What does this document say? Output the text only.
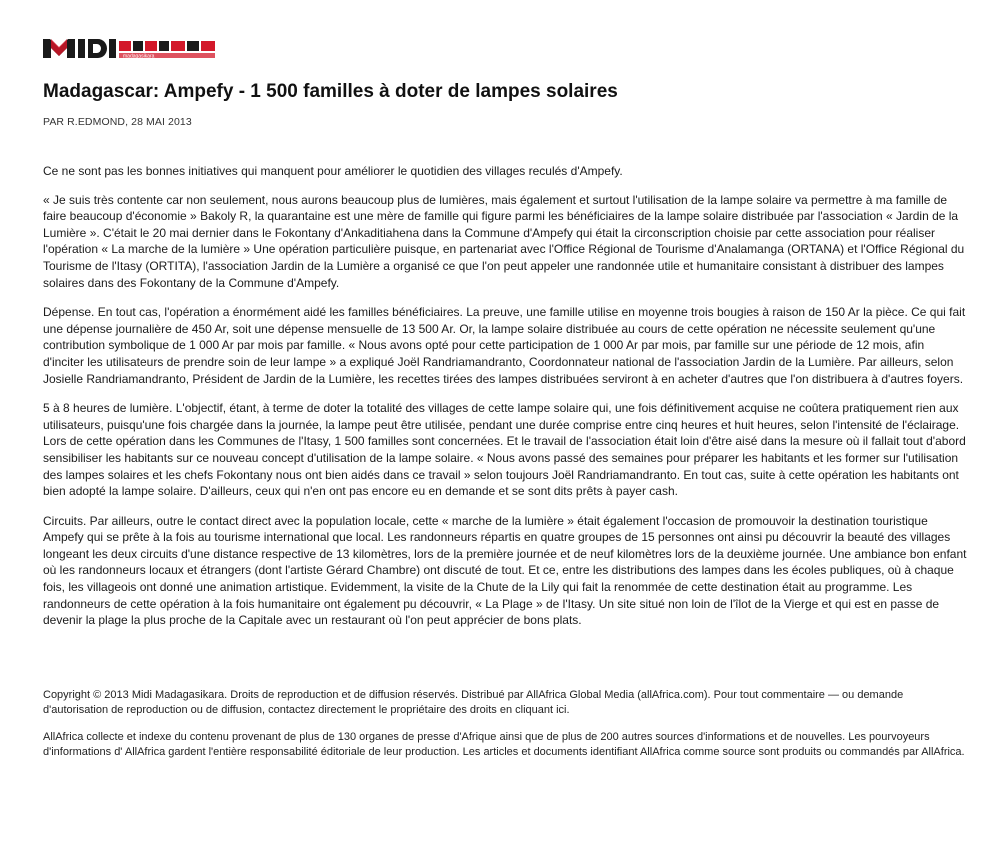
madagasikara
Madagascar: Ampefy - 1 500 familles à doter de lampes solaires
PAR R.EDMOND, 28 MAI 2013

Ce ne sont pas les bonnes initiatives qui manquent pour améliorer le quotidien des villages reculés d'Ampefy.

« Je suis très contente car non seulement, nous aurons beaucoup plus de lumières, mais également et surtout l'utilisation de la lampe solaire va permettre à ma famille de faire beaucoup d'économie » Bakoly R, la quarantaine est une mère de famille qui figure parmi les bénéficiaires de la lampe solaire distribuée par l'association « Jardin de la Lumière ». C'était le 20 mai dernier dans le Fokontany d'Ankaditiahena dans la Commune d'Ampefy qui était la circonscription choisie par cette association pour réaliser l'opération « La marche de la lumière » Une opération particulière puisque, en partenariat avec l'Office Régional de Tourisme d'Analamanga (ORTANA) et l'Office Régional du Tourisme de l'Itasy (ORTITA), l'association Jardin de la Lumière a organisé ce que l'on peut appeler une randonnée utile et humanitaire consistant à distribuer des lampes solaires dans des Fokontany de la Commune d'Ampefy.

Dépense. En tout cas, l'opération a énormément aidé les familles bénéficiaires. La preuve, une famille utilise en moyenne trois bougies à raison de 150 Ar la pièce. Ce qui fait une dépense journalière de 450 Ar, soit une dépense mensuelle de 13 500 Ar. Or, la lampe solaire distribuée au cours de cette opération ne nécessite seulement qu'une contribution symbolique de 1 000 Ar par mois par famille. « Nous avons opté pour cette participation de 1 000 Ar par mois, par famille sur une période de 12 mois, afin d'inciter les utilisateurs de prendre soin de leur lampe » a expliqué Joël Randriamandranto, Coordonnateur national de l'association Jardin de la Lumière. Par ailleurs, selon Josielle Randriamandranto, Président de Jardin de la Lumière, les recettes tirées des lampes distribuées serviront à en acheter d'autres que l'on distribuera à d'autres foyers.

5 à 8 heures de lumière. L'objectif, étant, à terme de doter la totalité des villages de cette lampe solaire qui, une fois définitivement acquise ne coûtera pratiquement rien aux utilisateurs, puisqu'une fois chargée dans la journée, la lampe peut être utilisée, pendant une durée comprise entre cinq heures et huit heures, selon l'intensité de l'éclairage. Lors de cette opération dans les Communes de l'Itasy, 1 500 familles sont concernées. Et le travail de l'association était loin d'être aisé dans la mesure où il fallait tout d'abord sensibiliser les habitants sur ce nouveau concept d'utilisation de la lampe solaire. « Nous avons passé des semaines pour préparer les habitants et les former sur l'utilisation des lampes solaires et les chefs Fokontany nous ont bien aidés dans ce travail » selon toujours Joël Randriamandranto. En tout cas, suite à cette opération les habitants ont bien adopté la lampe solaire. D'ailleurs, ceux qui n'en ont pas encore eu en demande et se sont dits prêts à payer cash.

Circuits. Par ailleurs, outre le contact direct avec la population locale, cette « marche de la lumière » était également l'occasion de promouvoir la destination touristique Ampefy qui se prête à la fois au tourisme international que local. Les randonneurs répartis en quatre groupes de 15 personnes ont ainsi pu découvrir la beauté des villages longeant les deux circuits d'une distance respective de 13 kilomètres, lors de la première journée et de neuf kilomètres lors de la deuxième journée. Une ambiance bon enfant où les randonneurs locaux et étrangers (dont l'artiste Gérard Chambre) ont discuté de tout. Et ce, entre les distributions des lampes dans les écoles publiques, où à chaque fois, les villageois ont donné une animation artistique. Evidemment, la visite de la Chute de la Lily qui fait la renommée de cette destination était au programme. Les randonneurs de cette opération à la fois humanitaire ont également pu découvrir, « La Plage » de l'Itasy. Un site situé non loin de l'îlot de la Vierge et qui est en passe de devenir la plage la plus proche de la Capitale avec un restaurant où l'on peut apprécier de bons plats.

Copyright © 2013 Midi Madagasikara. Droits de reproduction et de diffusion réservés. Distribué par AllAfrica Global Media (allAfrica.com). Pour tout commentaire — ou demande d'autorisation de reproduction ou de diffusion, contactez directement le propriétaire des droits en cliquant ici.

AllAfrica collecte et indexe du contenu provenant de plus de 130 organes de presse d'Afrique ainsi que de plus de 200 autres sources d'informations et de nouvelles. Les pourvoyeurs d'informations d' AllAfrica gardent l'entière responsabilité éditoriale de leur production. Les articles et documents identifiant AllAfrica comme source sont produits ou commandés par AllAfrica.
